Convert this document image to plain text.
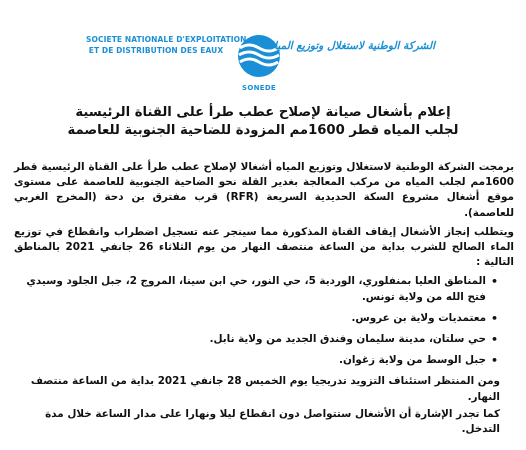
SOCIETE NATIONALE D'EXPLOITATION
ET DE DISTRIBUTION DES EAUX
SONEDE
الشركة الوطنية لاستغلال وتوزيع المياه
إعلام بأشغال صيانة لإصلاح عطب طرأ على القناة الرئيسية
لجلب المياه قطر 1600مم المزودة للضاحية الجنوبية للعاصمة

برمجت الشركة الوطنية لاستغلال وتوزيع المياه أشغالا لإصلاح عطب طرأ على القناة الرئيسية قطر 1600مم لجلب المياه من مركب المعالجة بغدير القلة نحو الضاحية الجنوبية للعاصمة على مستوى موقع أشغال مشروع السكة الحديدية السريعة (RFR) قرب مفترق بن دحة (المخرج الغربي للعاصمة).

ويتطلب إنجاز الأشغال إيقاف القناة المذكورة مما سينجر عنه تسجيل اضطراب وانقطاع في توزيع الماء الصالح للشرب بداية من الساعة منتصف النهار من يوم الثلاثاء 26 جانفي 2021 بالمناطق التالية :

• المناطق العليا بمنفلوري، الوردية 5، حي النور، حي ابن سينا، المروج 2، جبل الجلود وسيدي فتح الله من ولاية تونس.
• معتمديات ولاية بن عروس.
• حي سلتان، مدينة سليمان وفندق الجديد من ولاية نابل.
• جبل الوسط من ولاية زغوان.

ومن المنتظر استئناف التزويد تدريجيا يوم الخميس 28 جانفي 2021 بداية من الساعة منتصف النهار.

كما تجدر الإشارة أن الأشغال ستتواصل دون انقطاع ليلا ونهارا على مدار الساعة خلال مدة التدخل.
